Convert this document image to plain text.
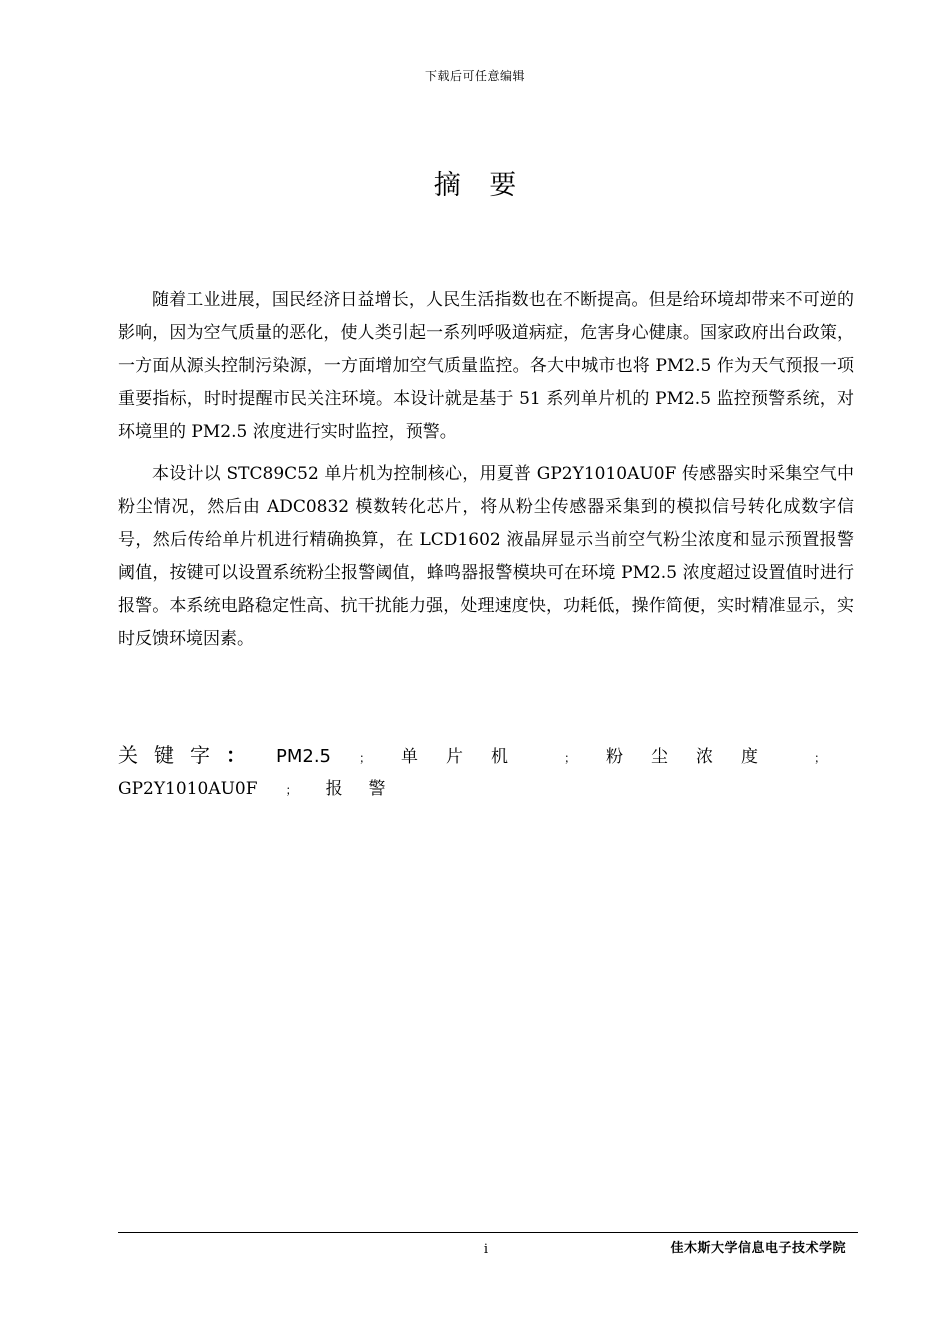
下载后可任意编辑
摘 要

随着工业进展，国民经济日益增长，人民生活指数也在不断提高。但是给环境却带来不可逆的影响，因为空气质量的恶化，使人类引起一系列呼吸道病症，危害身心健康。国家政府出台政策，一方面从源头控制污染源，一方面增加空气质量监控。各大中城市也将 PM2.5 作为天气预报一项重要指标，时时提醒市民关注环境。本设计就是基于 51 系列单片机的 PM2.5 监控预警系统，对环境里的 PM2.5 浓度进行实时监控，预警。

本设计以 STC89C52 单片机为控制核心，用夏普 GP2Y1010AU0F 传感器实时采集空气中粉尘情况，然后由 ADC0832 模数转化芯片，将从粉尘传感器采集到的模拟信号转化成数字信号，然后传给单片机进行精确换算，在 LCD1602 液晶屏显示当前空气粉尘浓度和显示预置报警阈值，按键可以设置系统粉尘报警阈值，蜂鸣器报警模块可在环境 PM2.5 浓度超过设置值时进行报警。本系统电路稳定性高、抗干扰能力强，处理速度快，功耗低，操作简便，实时精准显示，实时反馈环境因素。

关键字： PM2.5 ； 单片机 ； 粉尘浓度 ；GP2Y1010AU0F ； 报警
i	佳木斯大学信息电子技术学院
